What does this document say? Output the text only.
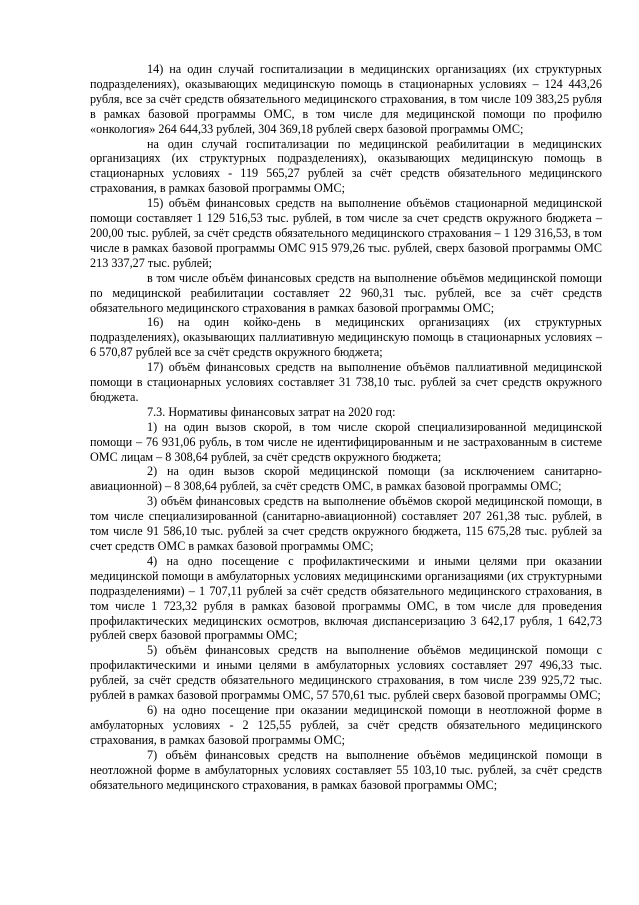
14) на один случай госпитализации в медицинских организациях (их структурных подразделениях), оказывающих медицинскую помощь в стационарных условиях – 124 443,26 рубля, все за счёт средств обязательного медицинского страхования, в том числе 109 383,25 рубля в рамках базовой программы ОМС, в том числе для медицинской помощи по профилю «онкология» 264 644,33 рублей, 304 369,18 рублей сверх базовой программы ОМС;

на один случай госпитализации по медицинской реабилитации в медицинских организациях (их структурных подразделениях), оказывающих медицинскую помощь в стационарных условиях - 119 565,27 рублей за счёт средств обязательного медицинского страхования, в рамках базовой программы ОМС;

15) объём финансовых средств на выполнение объёмов стационарной медицинской помощи составляет 1 129 516,53 тыс. рублей, в том числе за счет средств окружного бюджета – 200,00 тыс. рублей, за счёт средств обязательного медицинского страхования – 1 129 316,53, в том числе в рамках базовой программы ОМС 915 979,26 тыс. рублей, сверх базовой программы ОМС 213 337,27 тыс. рублей;

в том числе объём финансовых средств на выполнение объёмов медицинской помощи по медицинской реабилитации составляет 22 960,31 тыс. рублей, все за счёт средств обязательного медицинского страхования в рамках базовой программы ОМС;

16) на один койко-день в медицинских организациях (их структурных подразделениях), оказывающих паллиативную медицинскую помощь в стационарных условиях – 6 570,87 рублей все за счёт средств окружного бюджета;

17) объём финансовых средств на выполнение объёмов паллиативной медицинской помощи в стационарных условиях составляет 31 738,10 тыс. рублей за счет средств окружного бюджета.

7.3. Нормативы финансовых затрат на 2020 год:

1) на один вызов скорой, в том числе скорой специализированной медицинской помощи – 76 931,06 рубль, в том числе не идентифицированным и не застрахованным в системе ОМС лицам – 8 308,64 рублей, за счёт средств окружного бюджета;

2) на один вызов скорой медицинской помощи (за исключением санитарно-авиационной) – 8 308,64 рублей, за счёт средств ОМС, в рамках базовой программы ОМС;

3) объём финансовых средств на выполнение объёмов скорой медицинской помощи, в том числе специализированной (санитарно-авиационной) составляет 207 261,38 тыс. рублей, в том числе 91 586,10 тыс. рублей за счет средств окружного бюджета, 115 675,28 тыс. рублей за счет средств ОМС в рамках базовой программы ОМС;

4) на одно посещение с профилактическими и иными целями при оказании медицинской помощи в амбулаторных условиях медицинскими организациями (их структурными подразделениями) – 1 707,11 рублей за счёт средств обязательного медицинского страхования, в том числе 1 723,32 рубля в рамках базовой программы ОМС, в том числе для проведения профилактических медицинских осмотров, включая диспансеризацию 3 642,17 рубля, 1 642,73 рублей сверх базовой программы ОМС;

5) объём финансовых средств на выполнение объёмов медицинской помощи с профилактическими и иными целями в амбулаторных условиях составляет 297 496,33 тыс. рублей, за счёт средств обязательного медицинского страхования, в том числе 239 925,72 тыс. рублей в рамках базовой программы ОМС, 57 570,61 тыс. рублей сверх базовой программы ОМС;

6) на одно посещение при оказании медицинской помощи в неотложной форме в амбулаторных условиях - 2 125,55 рублей, за счёт средств обязательного медицинского страхования, в рамках базовой программы ОМС;

7) объём финансовых средств на выполнение объёмов медицинской помощи в неотложной форме в амбулаторных условиях составляет 55 103,10 тыс. рублей, за счёт средств обязательного медицинского страхования, в рамках базовой программы ОМС;
